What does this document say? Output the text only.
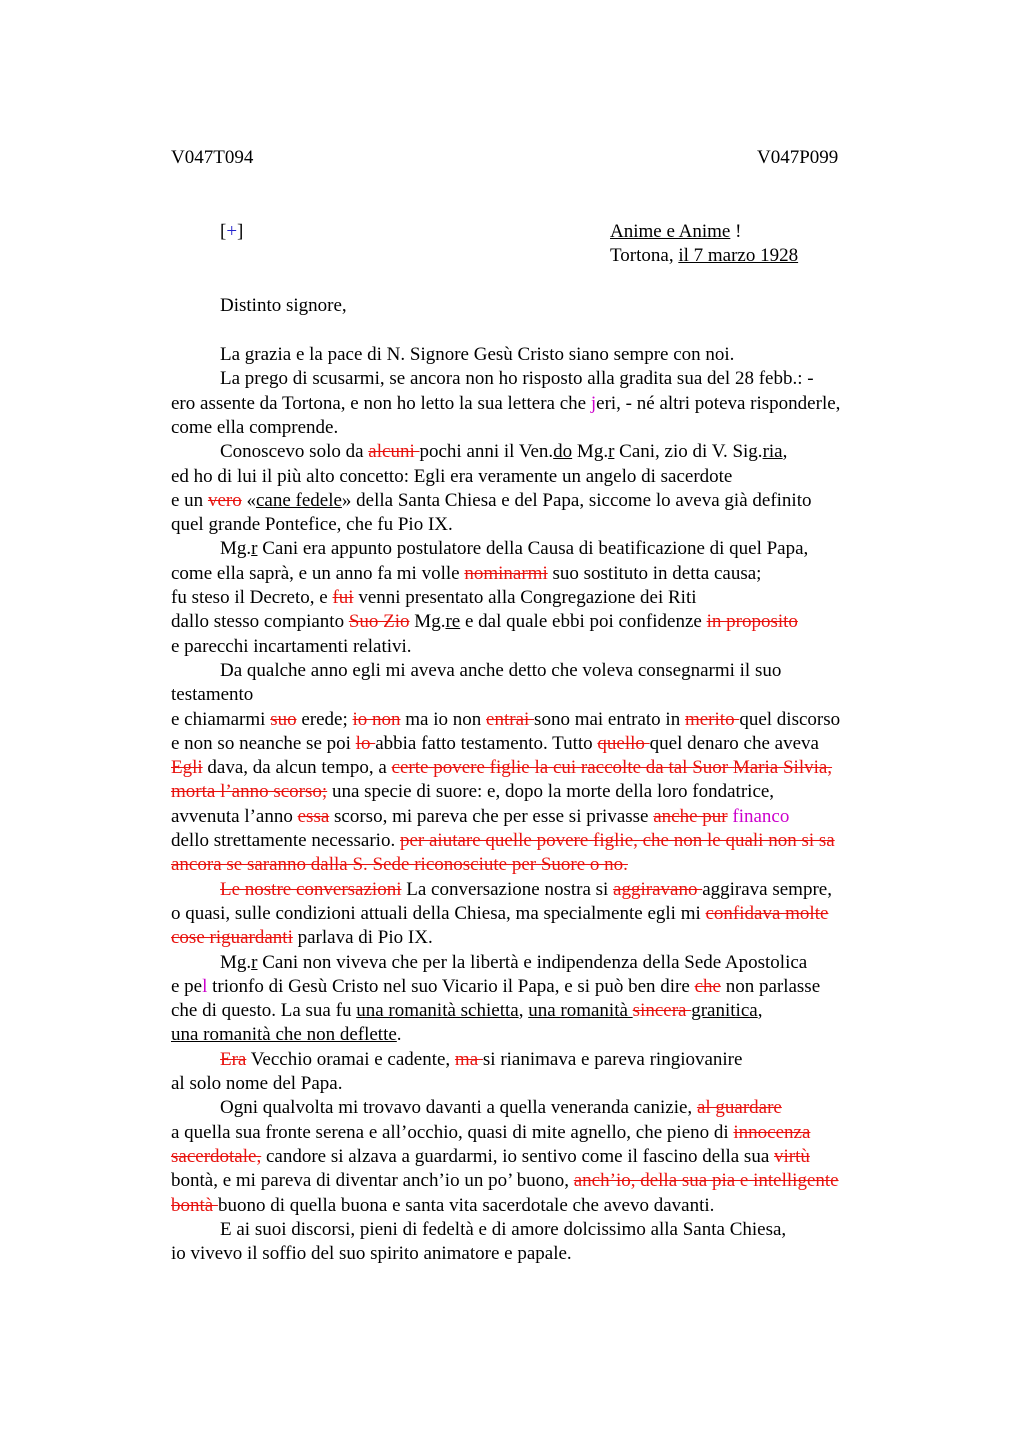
V047T094	V047P099
[+]	Anime e Anime !
Tortona, il 7 marzo 1928
Distinto signore,
La grazia e la pace di N. Signore Gesù Cristo siano sempre con noi.
La prego di scusarmi, se ancora non ho risposto alla gradita sua del 28 febb.: -
ero assente da Tortona, e non ho letto la sua lettera che jeri, - né altri poteva risponderle,
come ella comprende.
Conoscevo solo da alcuni pochi anni il Ven.do Mg.r Cani, zio di V. Sig.ria,
ed ho di lui il più alto concetto: Egli era veramente un angelo di sacerdote
e un vero «cane fedele» della Santa Chiesa e del Papa, siccome lo aveva già definito
quel grande Pontefice, che fu Pio IX.
Mg.r Cani era appunto postulatore della Causa di beatificazione di quel Papa,
come ella saprà, e un anno fa mi volle nominarmi suo sostituto in detta causa;
fu steso il Decreto, e fui venni presentato alla Congregazione dei Riti
dallo stesso compianto Suo Zio Mg.re e dal quale ebbi poi confidenze in proposito
e parecchi incartamenti relativi.
Da qualche anno egli mi aveva anche detto che voleva consegnarmi il suo
testamento
e chiamarmi suo erede; io non ma io non entrai sono mai entrato in merito quel discorso
e non so neanche se poi lo abbia fatto testamento. Tutto quello quel denaro che aveva
Egli dava, da alcun tempo, a certe povere figlie la cui raccolte da tal Suor Maria Silvia,
morta l’anno scorso; una specie di suore: e, dopo la morte della loro fondatrice,
avvenuta l’anno essa scorso, mi pareva che per esse si privasse anche pur financo
dello strettamente necessario. per aiutare quelle povere figlie, che non le quali non si sa
ancora se saranno dalla S. Sede riconosciute per Suore o no.
Le nostre conversazioni La conversazione nostra si aggiravano aggirava sempre,
o quasi, sulle condizioni attuali della Chiesa, ma specialmente egli mi confidava molte
cose riguardanti parlava di Pio IX.
Mg.r Cani non viveva che per la libertà e indipendenza della Sede Apostolica
e pel trionfo di Gesù Cristo nel suo Vicario il Papa, e si può ben dire che non parlasse
che di questo. La sua fu una romanità schietta, una romanità sincera granitica,
una romanità che non deflette.
Era Vecchio oramai e cadente, ma si rianimava e pareva ringiovanire
al solo nome del Papa.
Ogni qualvolta mi trovavo davanti a quella veneranda canizie, al guardare
a quella sua fronte serena e all’occhio, quasi di mite agnello, che pieno di innocenza
sacerdotale, candore si alzava a guardarmi, io sentivo come il fascino della sua virtù
bontà, e mi pareva di diventar anch’io un po’ buono, anch’io, della sua pia e intelligente
bontà buono di quella buona e santa vita sacerdotale che avevo davanti.
E ai suoi discorsi, pieni di fedeltà e di amore dolcissimo alla Santa Chiesa,
io vivevo il soffio del suo spirito animatore e papale.
